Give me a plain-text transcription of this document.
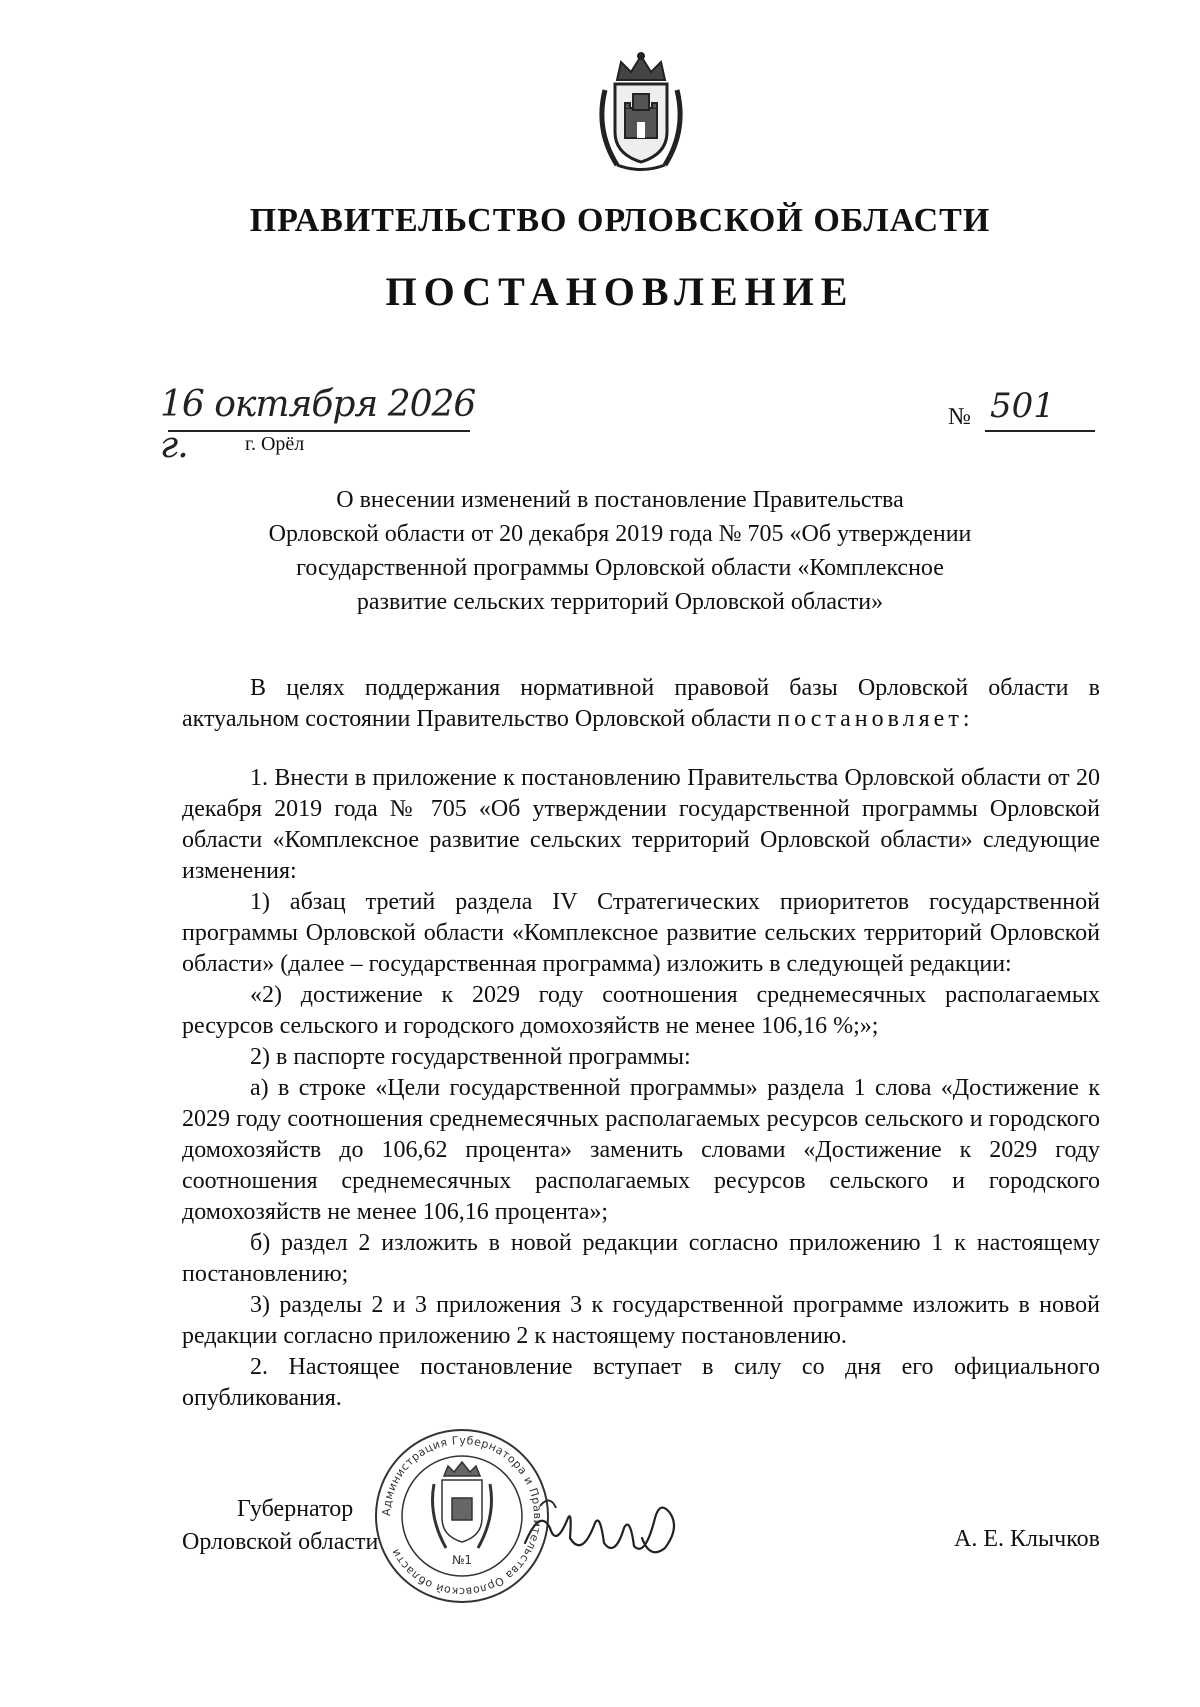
ПРАВИТЕЛЬСТВО ОРЛОВСКОЙ ОБЛАСТИ
ПОСТАНОВЛЕНИЕ
16 октября 2026 г.	г. Орёл
№ 501
О внесении изменений в постановление Правительства
Орловской области от 20 декабря 2019 года № 705 «Об утверждении
государственной программы Орловской области «Комплексное
развитие сельских территорий Орловской области»

В целях поддержания нормативной правовой базы Орловской области в актуальном состоянии Правительство Орловской области постановляет:

1. Внести в приложение к постановлению Правительства Орловской области от 20 декабря 2019 года № 705 «Об утверждении государственной программы Орловской области «Комплексное развитие сельских территорий Орловской области» следующие изменения:

1) абзац третий раздела IV Стратегических приоритетов государственной программы Орловской области «Комплексное развитие сельских территорий Орловской области» (далее – государственная программа) изложить в следующей редакции:

«2) достижение к 2029 году соотношения среднемесячных располагаемых ресурсов сельского и городского домохозяйств не менее 106,16 %;»;

2) в паспорте государственной программы:

а) в строке «Цели государственной программы» раздела 1 слова «Достижение к 2029 году соотношения среднемесячных располагаемых ресурсов сельского и городского домохозяйств до 106,62 процента» заменить словами «Достижение к 2029 году соотношения среднемесячных располагаемых ресурсов сельского и городского домохозяйств не менее 106,16 процента»;

б) раздел 2 изложить в новой редакции согласно приложению 1 к настоящему постановлению;

3) разделы 2 и 3 приложения 3 к государственной программе изложить в новой редакции согласно приложению 2 к настоящему постановлению.

2. Настоящее постановление вступает в силу со дня его официального опубликования.

Губернатор
Орловской области
Администрация Губернатора и Правительства Орловской области
№1
А. Е. Клычков
